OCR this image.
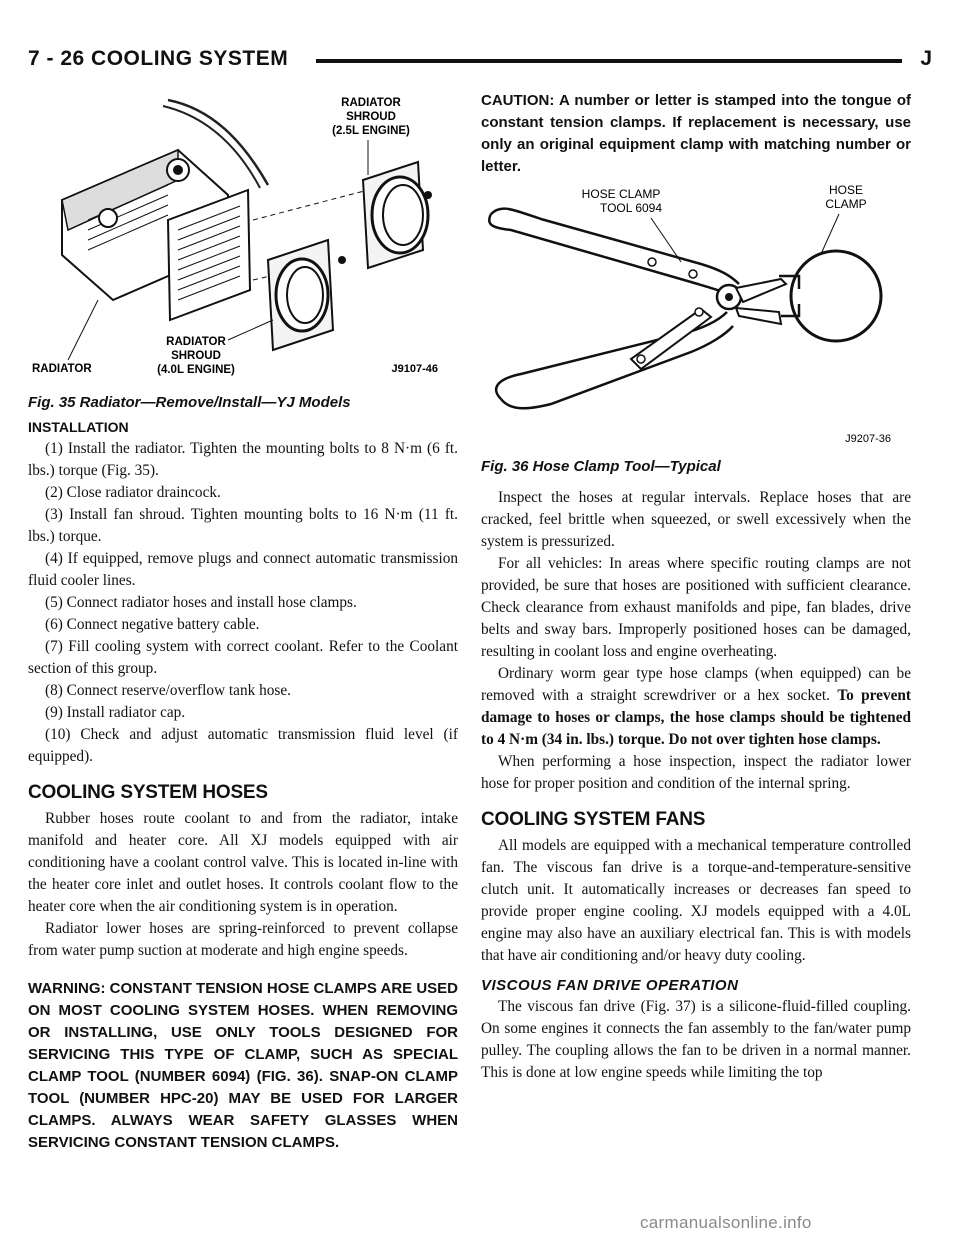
7 - 26 COOLING SYSTEM	J
RADIATOR
SHROUD
(2.5L ENGINE)
RADIATOR
SHROUD
(4.0L ENGINE)
RADIATOR	J9107-46
Fig. 35 Radiator—Remove/Install—YJ Models
INSTALLATION
(1) Install the radiator. Tighten the mounting bolts to 8 N·m (6 ft. lbs.) torque (Fig. 35).
(2) Close radiator draincock.
(3) Install fan shroud. Tighten mounting bolts to 16 N·m (11 ft. lbs.) torque.
(4) If equipped, remove plugs and connect automatic transmission fluid cooler lines.
(5) Connect radiator hoses and install hose clamps.
(6) Connect negative battery cable.
(7) Fill cooling system with correct coolant. Refer to the Coolant section of this group.
(8) Connect reserve/overflow tank hose.
(9) Install radiator cap.
(10) Check and adjust automatic transmission fluid level (if equipped).
COOLING SYSTEM HOSES

Rubber hoses route coolant to and from the radiator, intake manifold and heater core. All XJ models equipped with air conditioning have a coolant control valve. This is located in-line with the heater core inlet and outlet hoses. It controls coolant flow to the heater core when the air conditioning system is in operation.

Radiator lower hoses are spring-reinforced to prevent collapse from water pump suction at moderate and high engine speeds.

WARNING: CONSTANT TENSION HOSE CLAMPS ARE USED ON MOST COOLING SYSTEM HOSES. WHEN REMOVING OR INSTALLING, USE ONLY TOOLS DESIGNED FOR SERVICING THIS TYPE OF CLAMP, SUCH AS SPECIAL CLAMP TOOL (NUMBER 6094) (FIG. 36). SNAP-ON CLAMP TOOL (NUMBER HPC-20) MAY BE USED FOR LARGER CLAMPS. ALWAYS WEAR SAFETY GLASSES WHEN SERVICING CONSTANT TENSION CLAMPS.
CAUTION: A number or letter is stamped into the tongue of constant tension clamps. If replacement is necessary, use only an original equipment clamp with matching number or letter.
HOSE CLAMP
TOOL 6094
HOSE
CLAMP
J9207-36
Fig. 36 Hose Clamp Tool—Typical

Inspect the hoses at regular intervals. Replace hoses that are cracked, feel brittle when squeezed, or swell excessively when the system is pressurized.

For all vehicles: In areas where specific routing clamps are not provided, be sure that hoses are positioned with sufficient clearance. Check clearance from exhaust manifolds and pipe, fan blades, drive belts and sway bars. Improperly positioned hoses can be damaged, resulting in coolant loss and engine overheating.

Ordinary worm gear type hose clamps (when equipped) can be removed with a straight screwdriver or a hex socket. To prevent damage to hoses or clamps, the hose clamps should be tightened to 4 N·m (34 in. lbs.) torque. Do not over tighten hose clamps.

When performing a hose inspection, inspect the radiator lower hose for proper position and condition of the internal spring.

COOLING SYSTEM FANS

All models are equipped with a mechanical temperature controlled fan. The viscous fan drive is a torque-and-temperature-sensitive clutch unit. It automatically increases or decreases fan speed to provide proper engine cooling. XJ models equipped with a 4.0L engine may also have an auxiliary electrical fan. This is with models that have air conditioning and/or heavy duty cooling.

VISCOUS FAN DRIVE OPERATION

The viscous fan drive (Fig. 37) is a silicone-fluid-filled coupling. On some engines it connects the fan assembly to the fan/water pump pulley. The coupling allows the fan to be driven in a normal manner. This is done at low engine speeds while limiting the top

carmanualsonline.info
